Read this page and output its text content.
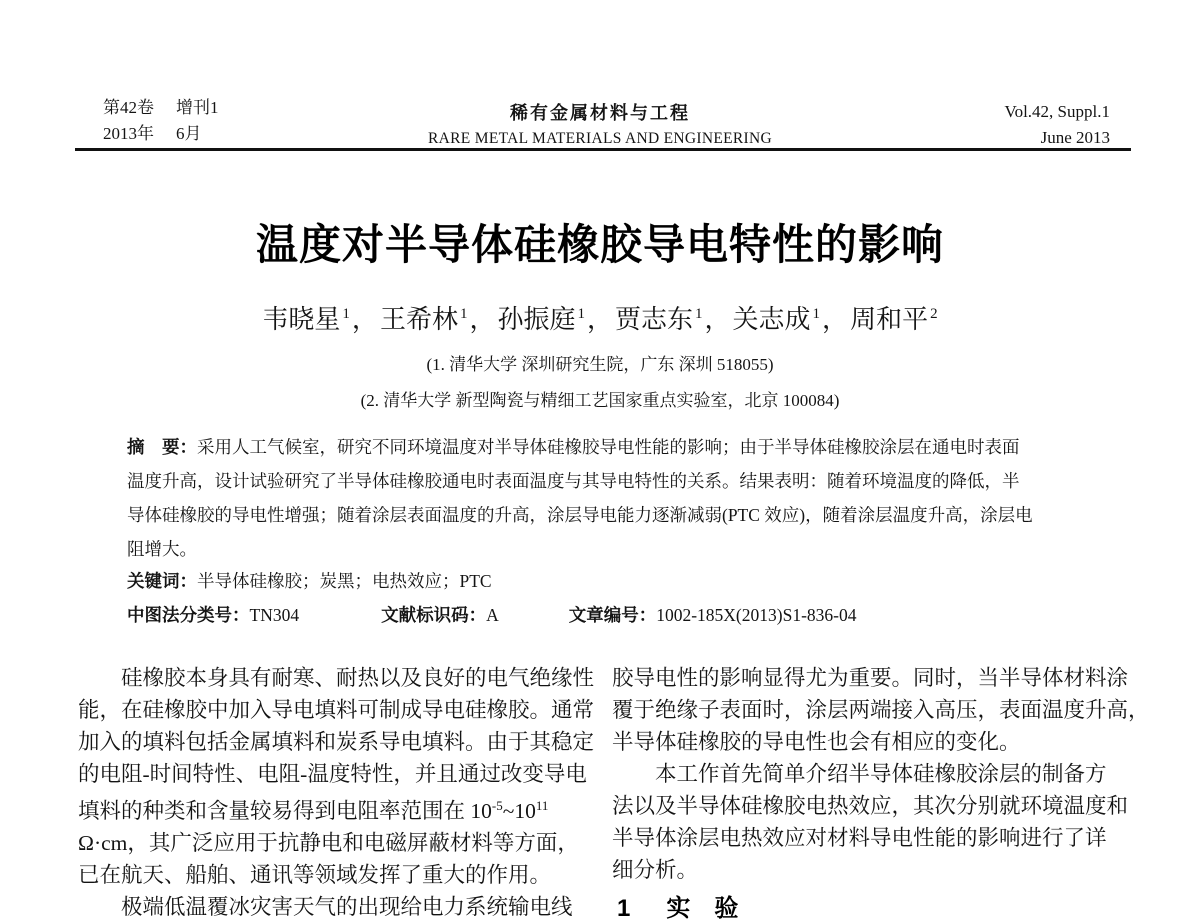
第42卷 增刊1
2013年 6月
稀有金属材料与工程
RARE METAL MATERIALS AND ENGINEERING
Vol.42, Suppl.1
June 2013
温度对半导体硅橡胶导电特性的影响
韦晓星 $^1$，王希林 $^1$，孙振庭 $^1$，贾志东 $^1$，关志成 $^1$，周和平 $^2$
(1. 清华大学 深圳研究生院，广东 深圳 518055)
(2. 清华大学 新型陶瓷与精细工艺国家重点实验室，北京 100084)
摘　要：采用人工气候室，研究不同环境温度对半导体硅橡胶导电性能的影响；由于半导体硅橡胶涂层在通电时表面
温度升高，设计试验研究了半导体硅橡胶通电时表面温度与其导电特性的关系。结果表明：随着环境温度的降低，半
导体硅橡胶的导电性增强；随着涂层表面温度的升高，涂层导电能力逐渐减弱(PTC 效应)，随着涂层温度升高，涂层电
阻增大。
关键词：半导体硅橡胶；炭黑；电热效应；PTC
中图法分类号：TN304	文献标识码：A	文章编号：1002-185X(2013)S1-836-04
硅橡胶本身具有耐寒、耐热以及良好的电气绝缘性
能，在硅橡胶中加入导电填料可制成导电硅橡胶。通常
加入的填料包括金属填料和炭系导电填料。由于其稳定
的电阻-时间特性、电阻-温度特性，并且通过改变导电
填料的种类和含量较易得到电阻率范围在 $10^{-5}\sim 10^{11}$
Ω·cm，其广泛应用于抗静电和电磁屏蔽材料等方面，
已在航天、船舶、通讯等领域发挥了重大的作用。
极端低温覆冰灾害天气的出现给电力系统输电线
胶导电性的影响显得尤为重要。同时，当半导体材料涂
覆于绝缘子表面时，涂层两端接入高压，表面温度升高，
半导体硅橡胶的导电性也会有相应的变化。
本工作首先简单介绍半导体硅橡胶涂层的制备方
法以及半导体硅橡胶电热效应，其次分别就环境温度和
半导体涂层电热效应对材料导电性能的影响进行了详
细分析。
1 实　验
